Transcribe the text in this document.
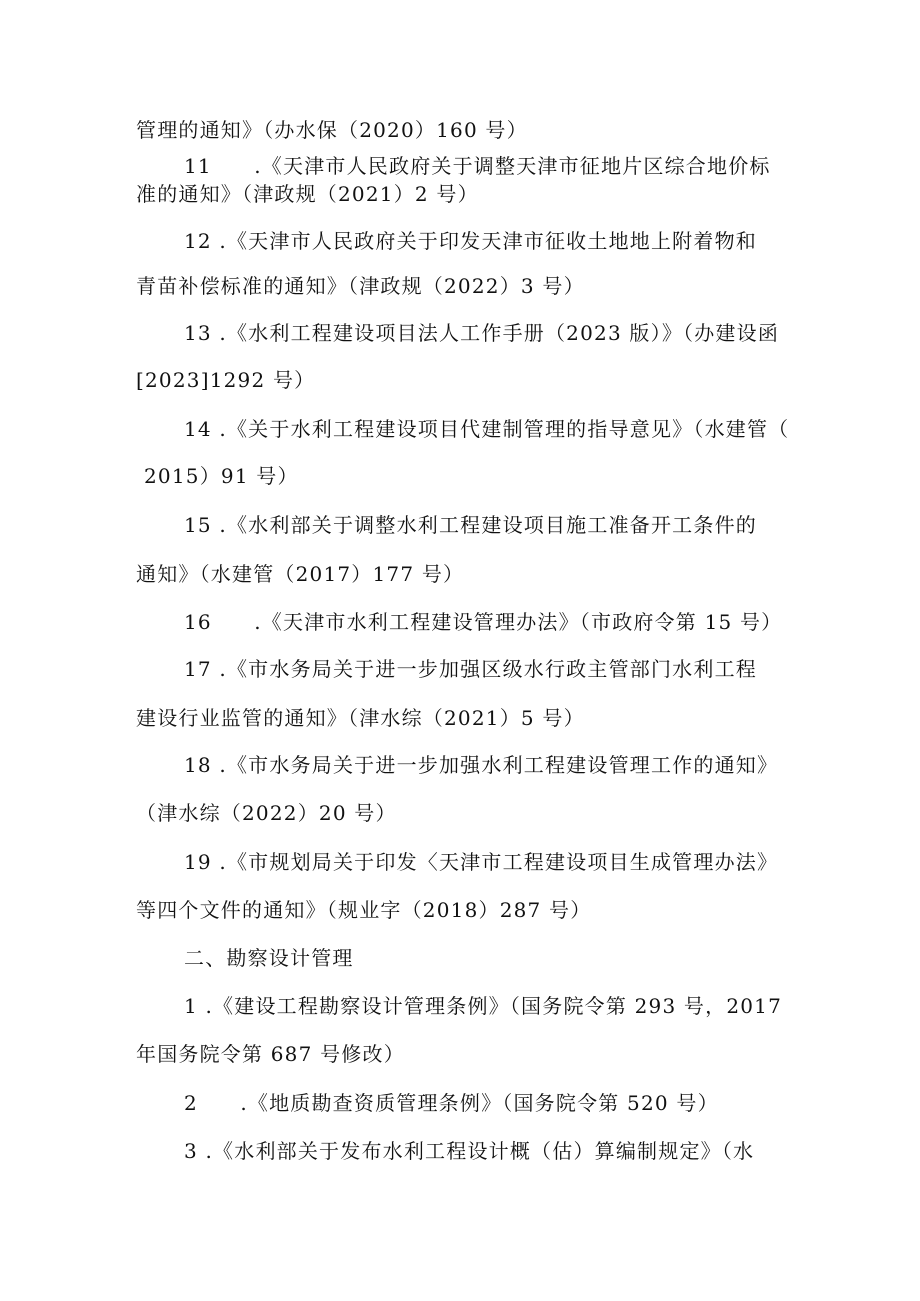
管理的通知》（办水保（2020）160 号）
11　　.《天津市人民政府关于调整天津市征地片区综合地价标
准的通知》（津政规（2021）2 号）
12 .《天津市人民政府关于印发天津市征收土地地上附着物和
青苗补偿标准的通知》（津政规（2022）3 号）
13 .《水利工程建设项目法人工作手册（2023 版）》（办建设函
[2023]1292 号）
14 .《关于水利工程建设项目代建制管理的指导意见》（水建管（
2015）91 号）
15 .《水利部关于调整水利工程建设项目施工准备开工条件的
通知》（水建管（2017）177 号）
16　　.《天津市水利工程建设管理办法》（市政府令第 15 号）
17 .《市水务局关于进一步加强区级水行政主管部门水利工程
建设行业监管的通知》（津水综（2021）5 号）
18 .《市水务局关于进一步加强水利工程建设管理工作的通知》
（津水综（2022）20 号）
19 .《市规划局关于印发〈天津市工程建设项目生成管理办法》
等四个文件的通知》（规业字（2018）287 号）
二、勘察设计管理
1 .《建设工程勘察设计管理条例》（国务院令第 293 号，2017
年国务院令第 687 号修改）
2　　.《地质勘查资质管理条例》（国务院令第 520 号）
3 .《水利部关于发布水利工程设计概（估）算编制规定》（水
